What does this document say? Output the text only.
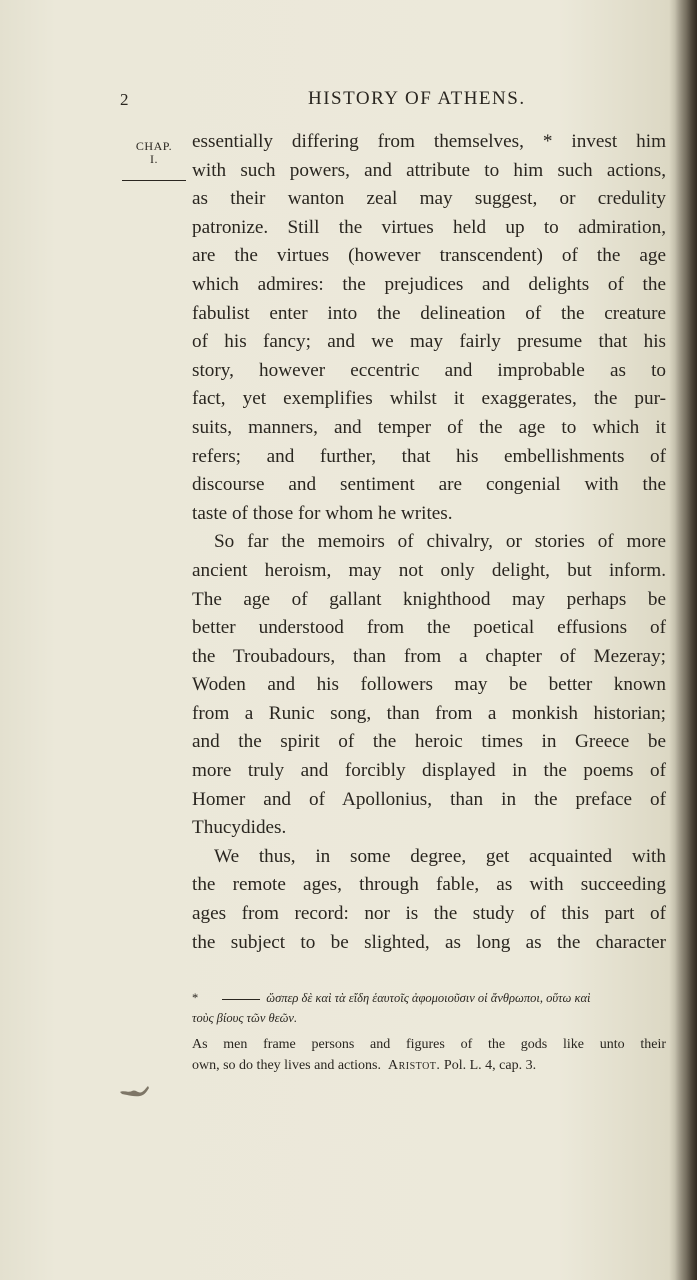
2	HISTORY OF ATHENS.
CHAP.
I.
essentially differing from themselves, * invest him
with such powers, and attribute to him such actions,
as their wanton zeal may suggest, or credulity
patronize. Still the virtues held up to admiration,
are the virtues (however transcendent) of the age
which admires: the prejudices and delights of the
fabulist enter into the delineation of the creature
of his fancy; and we may fairly presume that his
story, however eccentric and improbable as to
fact, yet exemplifies whilst it exaggerates, the pur-
suits, manners, and temper of the age to which it
refers; and further, that his embellishments of
discourse and sentiment are congenial with the
taste of those for whom he writes.
So far the memoirs of chivalry, or stories of more
ancient heroism, may not only delight, but inform.
The age of gallant knighthood may perhaps be
better understood from the poetical effusions of
the Troubadours, than from a chapter of Mezeray;
Woden and his followers may be better known
from a Runic song, than from a monkish historian;
and the spirit of the heroic times in Greece be
more truly and forcibly displayed in the poems of
Homer and of Apollonius, than in the preface of
Thucydides.
We thus, in some degree, get acquainted with
the remote ages, through fable, as with succeeding
ages from record: nor is the study of this part of
the subject to be slighted, as long as the character
*	ὥσπερ δὲ καὶ τὰ εἴδη ἑαυτοῖς ἀφομοιοῦσιν οἱ ἄνθρωποι, οὕτω καὶ
τοὺς βίους τῶν θεῶν.
As men frame persons and figures of the gods like unto their
own, so do they lives and actions. Aristot. Pol. L. 4, cap. 3.
